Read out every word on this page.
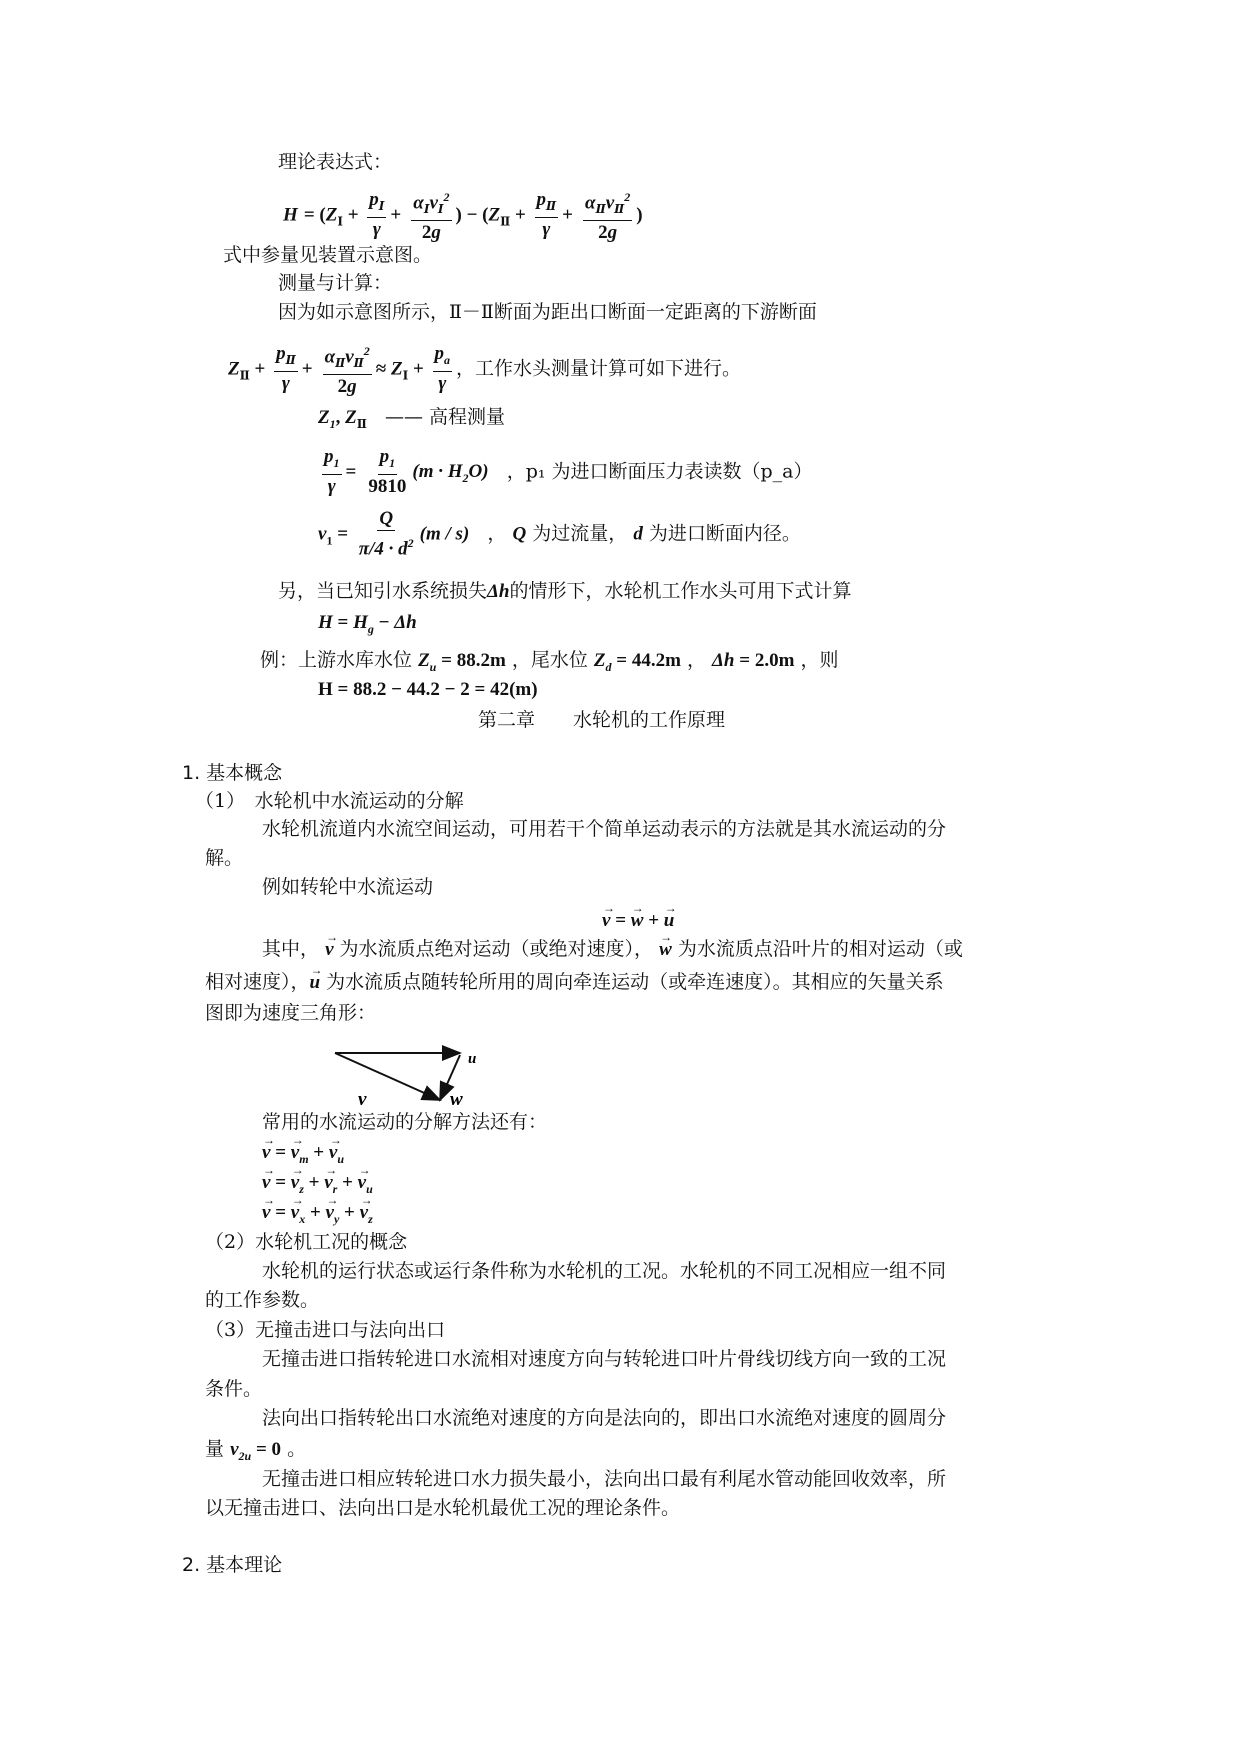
理论表达式：
$H = (Z_Ⅰ + \frac{p_Ⅰ}{\gamma} + \frac{\alpha_Ⅰv_Ⅰ^2}{2g}$ ) − ($Z_Ⅱ + \frac{p_Ⅱ}{\gamma} + \frac{\alpha_Ⅱv_Ⅱ^2}{2g}$ )
式中参量见装置示意图。
测量与计算：
因为如示意图所示，Ⅱ－Ⅱ断面为距出口断面一定距离的下游断面
$Z_Ⅱ + \frac{p_Ⅱ}{\gamma} + \frac{\alpha_Ⅱv_Ⅱ^2}{2g} \approx Z_Ⅰ + \frac{p_a}{\gamma}$ ，工作水头测量计算可如下进行。
$Z_1$, $Z_Ⅱ$ —— 高程测量
$\frac{p_1}{\gamma} = \frac{p_1}{9810} (m \cdot H_2O)$ ，p₁ 为进口断面压力表读数（p_a）
$v_1 = \frac{Q}{\pi/4 \cdot d^2} (m / s)$ ， Q 为过流量， d 为进口断面内径。
另，当已知引水系统损失Δh的情形下，水轮机工作水头可用下式计算
$H = H_g - \Delta h$
例：上游水库水位 $Z_u = 88.2m$ ，尾水位 $Z_d = 44.2m$ ， Δh = 2.0m ，则
H = 88.2 − 44.2 − 2 = 42(m)
第二章　　水轮机的工作原理
1. 基本概念
（1）　水轮机中水流运动的分解
水轮机流道内水流空间运动，可用若干个简单运动表示的方法就是其水流运动的分
解。
例如转轮中水流运动
→ v = → w + → u
其中， → v 为水流质点绝对运动（或绝对速度）， → w 为水流质点沿叶片的相对运动（或
相对速度），→ u 为水流质点随转轮所用的周向牵连运动（或牵连速度）。其相应的矢量关系
图即为速度三角形：
u
v	w
常用的水流运动的分解方法还有：
→ v = → $v_m$ + → $v_u$
→ v = → $v_z$ + → $v_r$ + → $v_u$
→ v = → $v_x$ + → $v_y$ + → $v_z$
（2）水轮机工况的概念
水轮机的运行状态或运行条件称为水轮机的工况。水轮机的不同工况相应一组不同
的工作参数。
（3）无撞击进口与法向出口
无撞击进口指转轮进口水流相对速度方向与转轮进口叶片骨线切线方向一致的工况
条件。
法向出口指转轮出口水流绝对速度的方向是法向的，即出口水流绝对速度的圆周分
量 $v_{2u} = 0$ 。
无撞击进口相应转轮进口水力损失最小，法向出口最有利尾水管动能回收效率，所
以无撞击进口、法向出口是水轮机最优工况的理论条件。
2. 基本理论
